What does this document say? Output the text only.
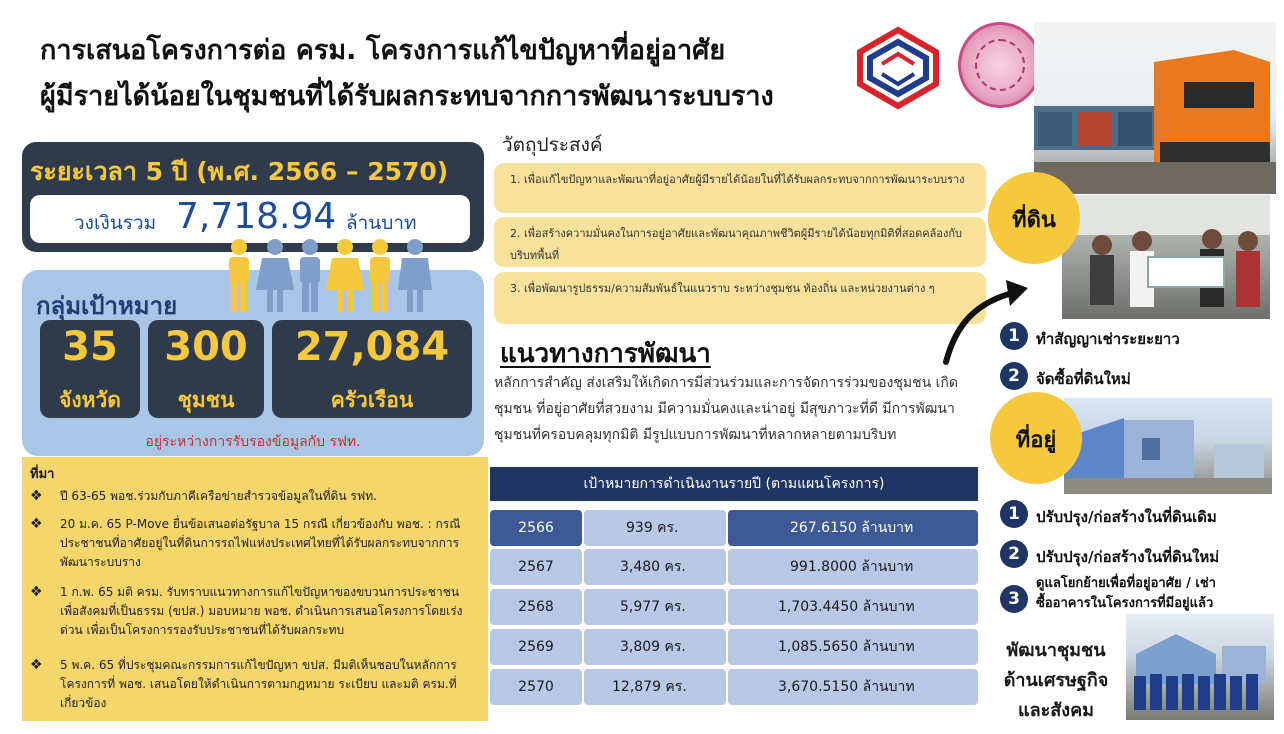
การเสนอโครงการต่อ ครม. โครงการแก้ไขปัญหาที่อยู่อาศัย
ผู้มีรายได้น้อยในชุมชนที่ได้รับผลกระทบจากการพัฒนาระบบราง
ระยะเวลา 5 ปี (พ.ศ. 2566 – 2570)
วงเงินรวม 7,718.94 ล้านบาท
กลุ่มเป้าหมาย
35
จังหวัด
300
ชุมชน
27,084
ครัวเรือน
อยู่ระหว่างการรับรองข้อมูลกับ รฟท.
ที่มา
❖ ปี 63-65 พอช.ร่วมกับภาคีเครือข่ายสำรวจข้อมูลในที่ดิน รฟท.
❖ 20 ม.ค. 65 P-Move ยื่นข้อเสนอต่อรัฐบาล 15 กรณี เกี่ยวข้องกับ พอช. : กรณีประชาชนที่อาศัยอยู่ในที่ดินการรถไฟแห่งประเทศไทยที่ได้รับผลกระทบจากการพัฒนาระบบราง
❖ 1 ก.พ. 65 มติ ครม. รับทราบแนวทางการแก้ไขปัญหาของขบวนการประชาชนเพื่อสังคมที่เป็นธรรม (ขปส.) มอบหมาย พอช. ดำเนินการเสนอโครงการโดยเร่งด่วน เพื่อเป็นโครงการรองรับประชาชนที่ได้รับผลกระทบ
❖ 5 พ.ค. 65 ที่ประชุมคณะกรรมการแก้ไขปัญหา ขปส. มีมติเห็นชอบในหลักการโครงการที่ พอช. เสนอโดยให้ดำเนินการตามกฎหมาย ระเบียบ และมติ ครม.ที่เกี่ยวข้อง
วัตถุประสงค์
1. เพื่อแก้ไขปัญหาและพัฒนาที่อยู่อาศัยผู้มีรายได้น้อยในที่ได้รับผลกระทบจากการพัฒนาระบบราง
2. เพื่อสร้างความมั่นคงในการอยู่อาศัยและพัฒนาคุณภาพชีวิตผู้มีรายได้น้อยทุกมิติที่สอดคล้องกับบริบทพื้นที่
3. เพื่อพัฒนารูปธรรม/ความสัมพันธ์ในแนวราบ ระหว่างชุมชน ท้องถิ่น และหน่วยงานต่าง ๆ
แนวทางการพัฒนา
หลักการสำคัญ ส่งเสริมให้เกิดการมีส่วนร่วมและการจัดการร่วมของชุมชน เกิดชุมชน ที่อยู่อาศัยที่สวยงาม มีความมั่นคงและน่าอยู่ มีสุขภาวะที่ดี มีการพัฒนาชุมชนที่ครอบคลุมทุกมิติ มีรูปแบบการพัฒนาที่หลากหลายตามบริบท
เป้าหมายการดำเนินงานรายปี (ตามแผนโครงการ)
2566	939 คร.	267.6150 ล้านบาท
2567	3,480 คร.	991.8000 ล้านบาท
2568	5,977 คร.	1,703.4450 ล้านบาท
2569	3,809 คร.	1,085.5650 ล้านบาท
2570	12,879 คร.	3,670.5150 ล้านบาท
ที่ดิน
1	ทำสัญญาเช่าระยะยาว
2	จัดซื้อที่ดินใหม่
ที่อยู่
1	ปรับปรุง/ก่อสร้างในที่ดินเดิม
2	ปรับปรุง/ก่อสร้างในที่ดินใหม่
3
ดูแลโยกย้ายเพื่อที่อยู่อาศัย / เช่า
ซื้ออาคารในโครงการที่มีอยู่แล้ว
พัฒนาชุมชน
ด้านเศรษฐกิจ
และสังคม
